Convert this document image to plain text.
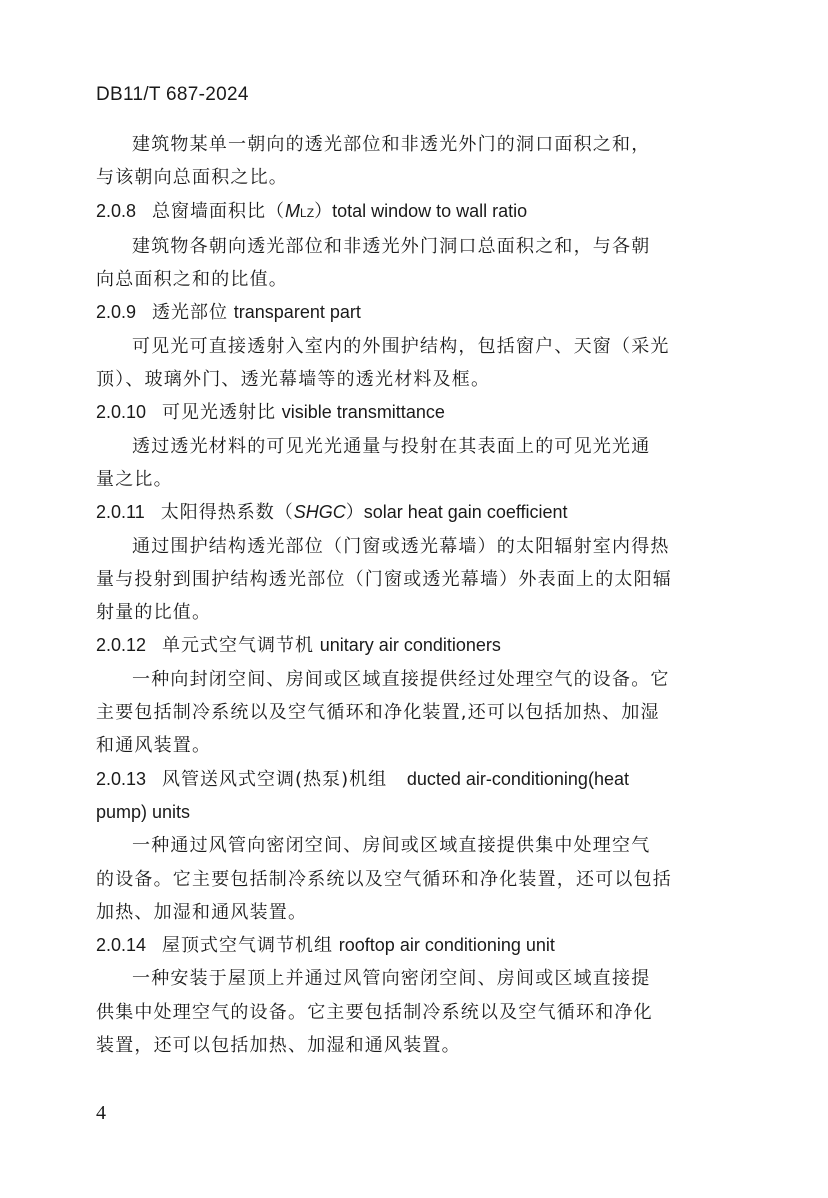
DB11/T 687-2024
建筑物某单一朝向的透光部位和非透光外门的洞口面积之和，
与该朝向总面积之比。
2.0.8 总窗墙面积比（MLZ）total window to wall ratio
建筑物各朝向透光部位和非透光外门洞口总面积之和，与各朝
向总面积之和的比值。
2.0.9 透光部位 transparent part
可见光可直接透射入室内的外围护结构，包括窗户、天窗（采光
顶）、玻璃外门、透光幕墙等的透光材料及框。
2.0.10 可见光透射比 visible transmittance
透过透光材料的可见光光通量与投射在其表面上的可见光光通
量之比。
2.0.11 太阳得热系数（SHGC）solar heat gain coefficient
通过围护结构透光部位（门窗或透光幕墙）的太阳辐射室内得热
量与投射到围护结构透光部位（门窗或透光幕墙）外表面上的太阳辐
射量的比值。
2.0.12 单元式空气调节机 unitary air conditioners
一种向封闭空间、房间或区域直接提供经过处理空气的设备。它
主要包括制冷系统以及空气循环和净化装置,还可以包括加热、加湿
和通风装置。
2.0.13 风管送风式空调(热泵)机组 ducted air-conditioning(heat
pump) units
一种通过风管向密闭空间、房间或区域直接提供集中处理空气
的设备。它主要包括制冷系统以及空气循环和净化装置，还可以包括
加热、加湿和通风装置。
2.0.14 屋顶式空气调节机组 rooftop air conditioning unit
一种安装于屋顶上并通过风管向密闭空间、房间或区域直接提
供集中处理空气的设备。它主要包括制冷系统以及空气循环和净化
装置，还可以包括加热、加湿和通风装置。
4
